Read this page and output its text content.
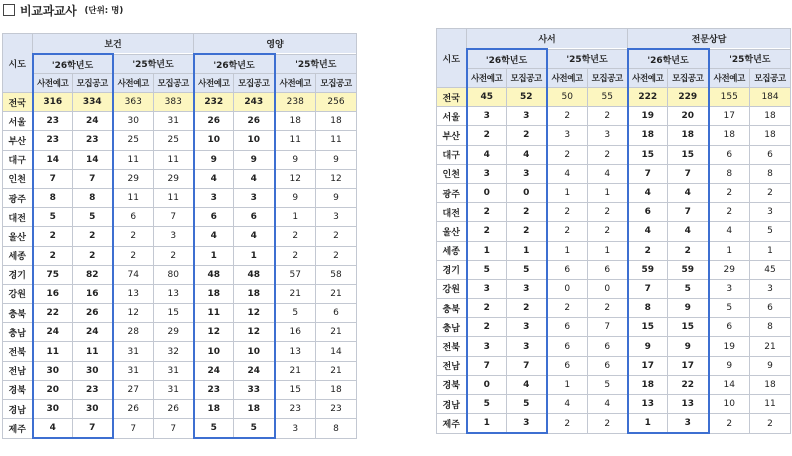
비교과교사 (단위: 명)
시도	보건				영양			
	'26학년도		'25학년도		'26학년도		'25학년도	
	사전예고	모집공고	사전예고	모집공고	사전예고	모집공고	사전예고	모집공고
전국	316	334	363	383	232	243	238	256
서울	23	24	30	31	26	26	18	18
부산	23	23	25	25	10	10	11	11
대구	14	14	11	11	9	9	9	9
인천	7	7	29	29	4	4	12	12
광주	8	8	11	11	3	3	9	9
대전	5	5	6	7	6	6	1	3
울산	2	2	2	3	4	4	2	2
세종	2	2	2	2	1	1	2	2
경기	75	82	74	80	48	48	57	58
강원	16	16	13	13	18	18	21	21
충북	22	26	12	15	11	12	5	6
충남	24	24	28	29	12	12	16	21
전북	11	11	31	32	10	10	13	14
전남	30	30	31	31	24	24	21	21
경북	20	23	27	31	23	33	15	18
경남	30	30	26	26	18	18	23	23
제주	4	7	7	7	5	5	3	8
시도	사서				전문상담			
	'26학년도		'25학년도		'26학년도		'25학년도	
	사전예고	모집공고	사전예고	모집공고	사전예고	모집공고	사전예고	모집공고
전국	45	52	50	55	222	229	155	184
서울	3	3	2	2	19	20	17	18
부산	2	2	3	3	18	18	18	18
대구	4	4	2	2	15	15	6	6
인천	3	3	4	4	7	7	8	8
광주	0	0	1	1	4	4	2	2
대전	2	2	2	2	6	7	2	3
울산	2	2	2	2	4	4	4	5
세종	1	1	1	1	2	2	1	1
경기	5	5	6	6	59	59	29	45
강원	3	3	0	0	7	5	3	3
충북	2	2	2	2	8	9	5	6
충남	2	3	6	7	15	15	6	8
전북	3	3	6	6	9	9	19	21
전남	7	7	6	6	17	17	9	9
경북	0	4	1	5	18	22	14	18
경남	5	5	4	4	13	13	10	11
제주	1	3	2	2	1	3	2	2
